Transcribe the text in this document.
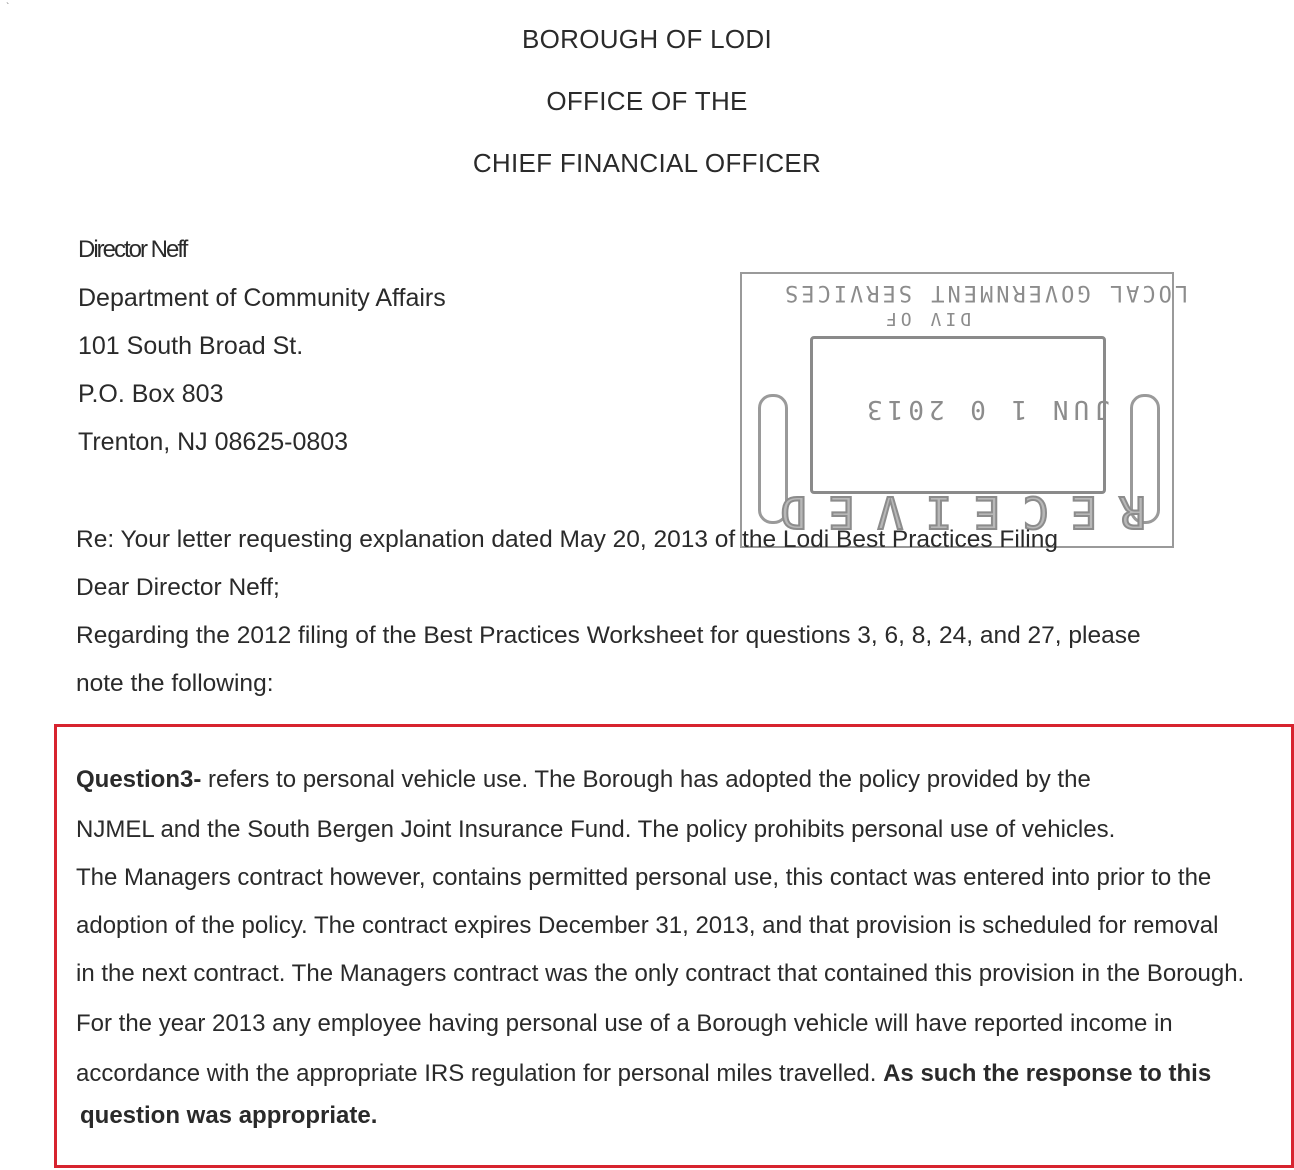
`
BOROUGH OF LODI
OFFICE OF THE
CHIEF FINANCIAL OFFICER
Director Neff
Department of Community Affairs
101 South Broad St.
P.O. Box 803
Trenton, NJ 08625-0803
LOCAL GOVERNMENT SERVICES
DIV OF
JUN 1 0 2013
RECEIVED
Re: Your letter requesting explanation dated May 20, 2013 of the Lodi Best Practices Filing
Dear Director Neff;
Regarding the 2012 filing of the Best Practices Worksheet for questions 3, 6, 8, 24, and 27, please
note the following:
Question3- refers to personal vehicle use. The Borough has adopted the policy provided by the
NJMEL and the South Bergen Joint Insurance Fund. The policy prohibits personal use of vehicles.
The Managers contract however, contains permitted personal use, this contact was entered into prior to the
adoption of the policy. The contract expires December 31, 2013, and that provision is scheduled for removal
in the next contract. The Managers contract was the only contract that contained this provision in the Borough.
For the year 2013 any employee having personal use of a Borough vehicle will have reported income in
accordance with the appropriate IRS regulation for personal miles travelled. As such the response to this
question was appropriate.
